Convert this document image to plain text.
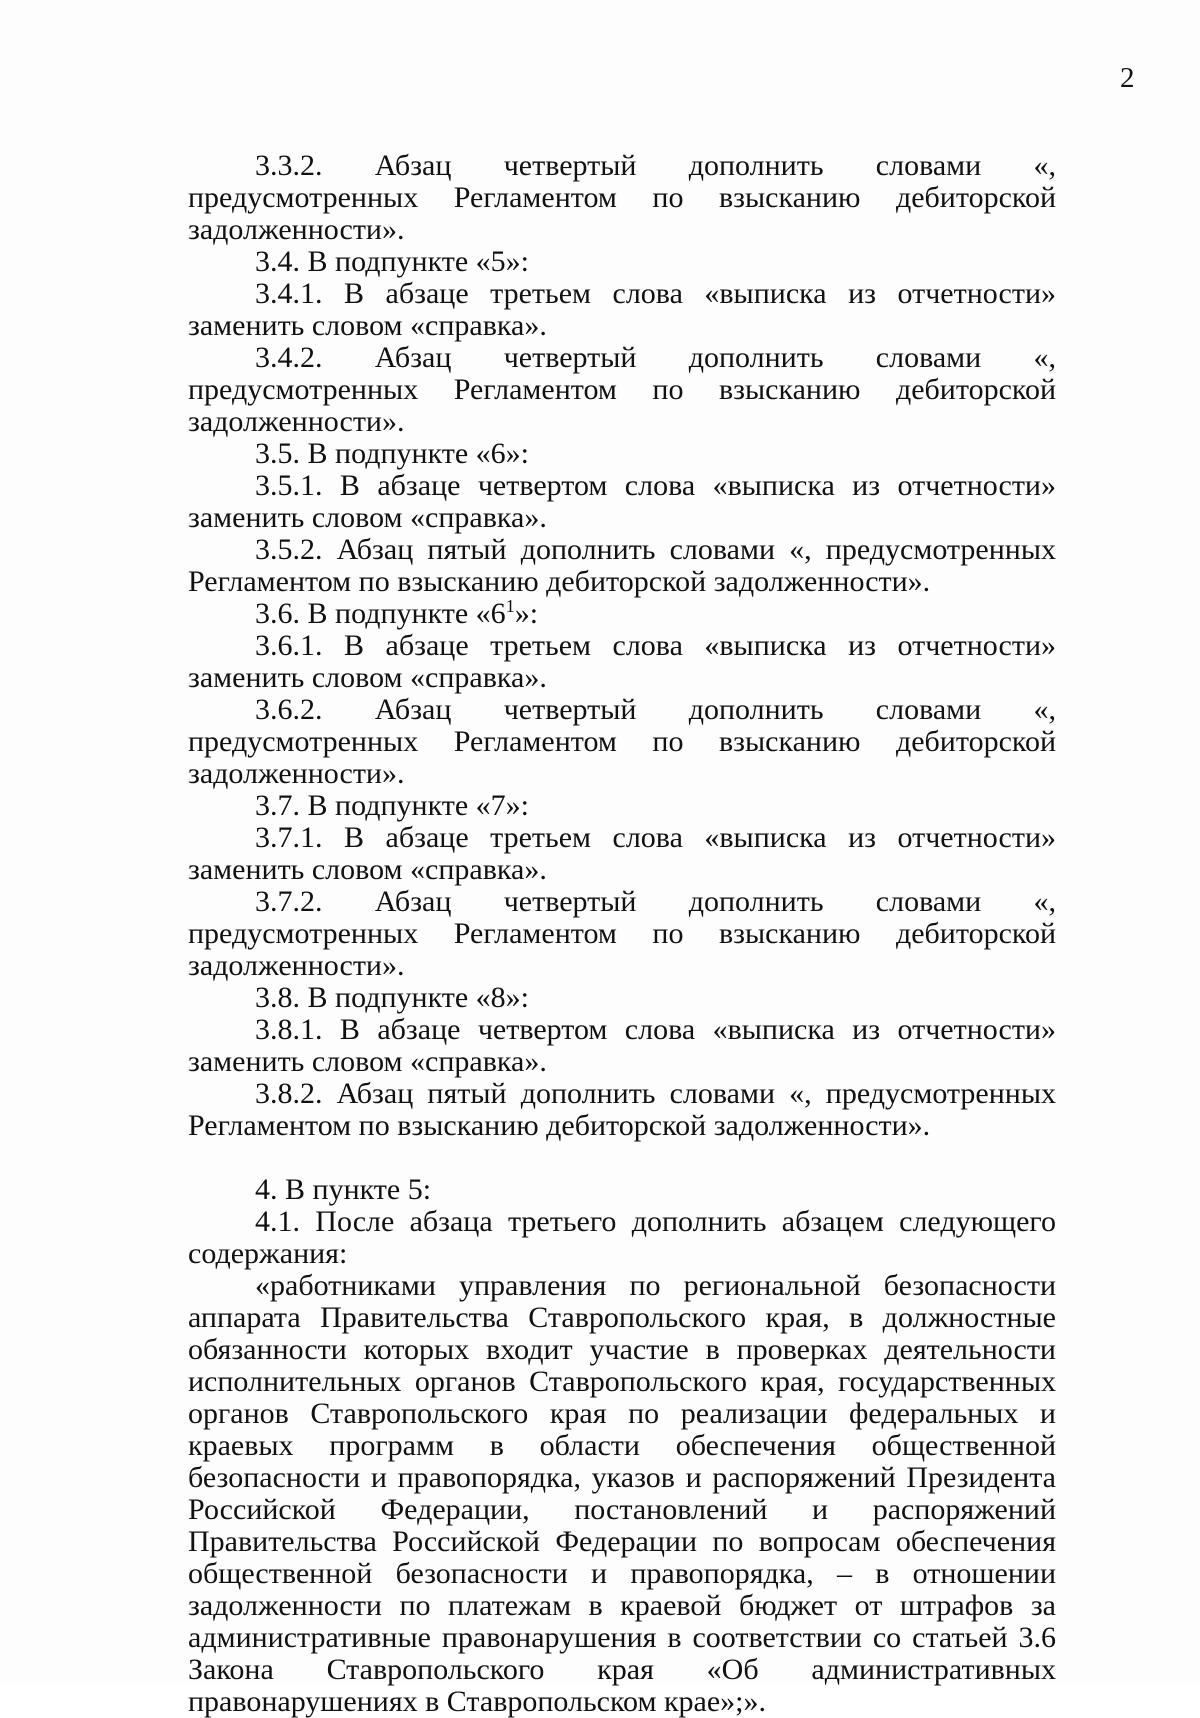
2

3.3.2. Абзац четвертый дополнить словами «, предусмотренных Регламентом по взысканию дебиторской задолженности».

3.4. В подпункте «5»:

3.4.1. В абзаце третьем слова «выписка из отчетности» заменить словом «справка».

3.4.2. Абзац четвертый дополнить словами «, предусмотренных Регламентом по взысканию дебиторской задолженности».

3.5. В подпункте «6»:

3.5.1. В абзаце четвертом слова «выписка из отчетности» заменить словом «справка».

3.5.2. Абзац пятый дополнить словами «, предусмотренных Регламентом по взысканию дебиторской задолженности».

3.6. В подпункте «$6^1$»:

3.6.1. В абзаце третьем слова «выписка из отчетности» заменить словом «справка».

3.6.2. Абзац четвертый дополнить словами «, предусмотренных Регламентом по взысканию дебиторской задолженности».

3.7. В подпункте «7»:

3.7.1. В абзаце третьем слова «выписка из отчетности» заменить словом «справка».

3.7.2. Абзац четвертый дополнить словами «, предусмотренных Регламентом по взысканию дебиторской задолженности».

3.8. В подпункте «8»:

3.8.1. В абзаце четвертом слова «выписка из отчетности» заменить словом «справка».

3.8.2. Абзац пятый дополнить словами «, предусмотренных Регламентом по взысканию дебиторской задолженности».

4. В пункте 5:

4.1. После абзаца третьего дополнить абзацем следующего содержания:

«работниками управления по региональной безопасности аппарата Правительства Ставропольского края, в должностные обязанности которых входит участие в проверках деятельности исполнительных органов Ставропольского края, государственных органов Ставропольского края по реализации федеральных и краевых программ в области обеспечения общественной безопасности и правопорядка, указов и распоряжений Президента Российской Федерации, постановлений и распоряжений Правительства Российской Федерации по вопросам обеспечения общественной безопасности и правопорядка, – в отношении задолженности по платежам в краевой бюджет от штрафов за административные правонарушения в соответствии со статьей 3.6 Закона Ставропольского края «Об административных правонарушениях в Ставропольском крае»;».
